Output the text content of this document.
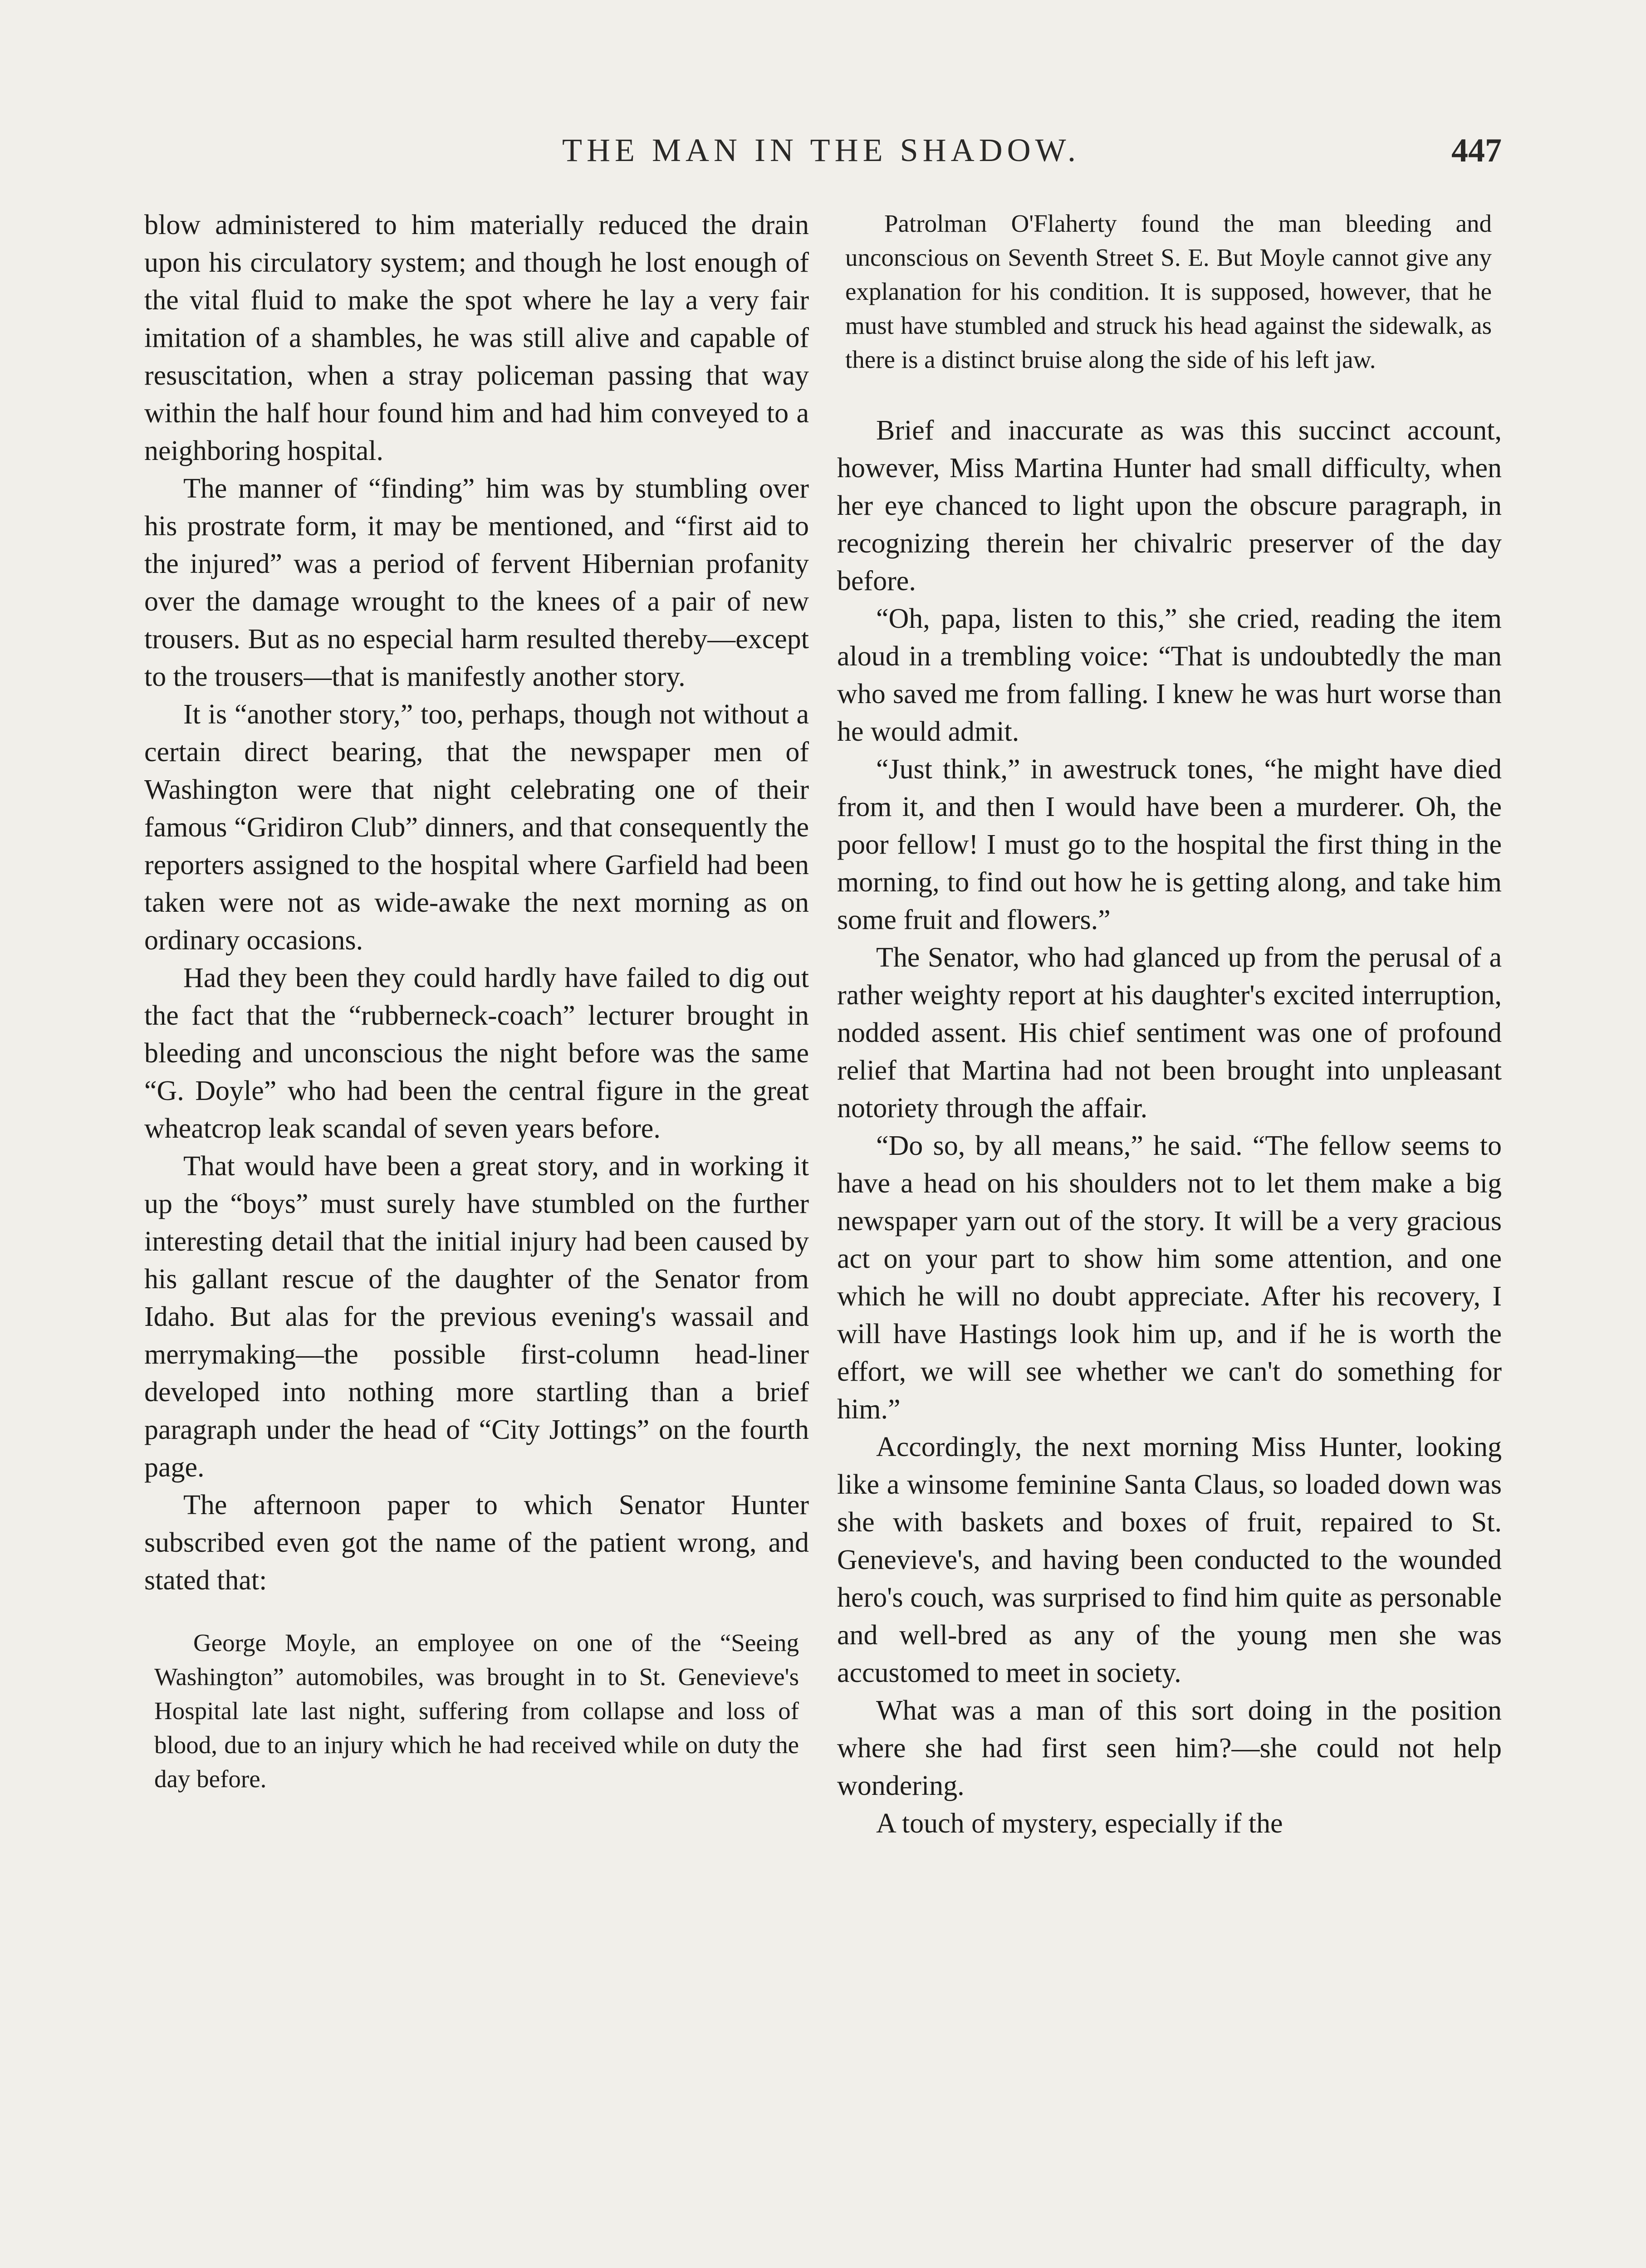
THE MAN IN THE SHADOW.	447

blow administered to him materially reduced the drain upon his circulatory system; and though he lost enough of the vital fluid to make the spot where he lay a very fair imitation of a shambles, he was still alive and capable of resuscitation, when a stray policeman passing that way within the half hour found him and had him conveyed to a neighboring hospital.

The manner of “finding” him was by stumbling over his prostrate form, it may be mentioned, and “first aid to the injured” was a period of fervent Hibernian profanity over the damage wrought to the knees of a pair of new trousers. But as no especial harm resulted thereby—except to the trousers—that is manifestly another story.

It is “another story,” too, perhaps, though not without a certain direct bearing, that the newspaper men of Washington were that night celebrating one of their famous “Gridiron Club” dinners, and that consequently the reporters assigned to the hospital where Garfield had been taken were not as wide-awake the next morning as on ordinary occasions.

Had they been they could hardly have failed to dig out the fact that the “rubberneck-coach” lecturer brought in bleeding and unconscious the night before was the same “G. Doyle” who had been the central figure in the great wheatcrop leak scandal of seven years before.

That would have been a great story, and in working it up the “boys” must surely have stumbled on the further interesting detail that the initial injury had been caused by his gallant rescue of the daughter of the Senator from Idaho. But alas for the previous evening's wassail and merrymaking—the possible first-column head-liner developed into nothing more startling than a brief paragraph under the head of “City Jottings” on the fourth page.

The afternoon paper to which Senator Hunter subscribed even got the name of the patient wrong, and stated that:

George Moyle, an employee on one of the “Seeing Washington” automobiles, was brought in to St. Genevieve's Hospital late last night, suffering from collapse and loss of blood, due to an injury which he had received while on duty the day before.

Patrolman O'Flaherty found the man bleeding and unconscious on Seventh Street S. E. But Moyle cannot give any explanation for his condition. It is supposed, however, that he must have stumbled and struck his head against the sidewalk, as there is a distinct bruise along the side of his left jaw.

Brief and inaccurate as was this succinct account, however, Miss Martina Hunter had small difficulty, when her eye chanced to light upon the obscure paragraph, in recognizing therein her chivalric preserver of the day before.

“Oh, papa, listen to this,” she cried, reading the item aloud in a trembling voice: “That is undoubtedly the man who saved me from falling. I knew he was hurt worse than he would admit.

“Just think,” in awestruck tones, “he might have died from it, and then I would have been a murderer. Oh, the poor fellow! I must go to the hospital the first thing in the morning, to find out how he is getting along, and take him some fruit and flowers.”

The Senator, who had glanced up from the perusal of a rather weighty report at his daughter's excited interruption, nodded assent. His chief sentiment was one of profound relief that Martina had not been brought into unpleasant notoriety through the affair.

“Do so, by all means,” he said. “The fellow seems to have a head on his shoulders not to let them make a big newspaper yarn out of the story. It will be a very gracious act on your part to show him some attention, and one which he will no doubt appreciate. After his recovery, I will have Hastings look him up, and if he is worth the effort, we will see whether we can't do something for him.”

Accordingly, the next morning Miss Hunter, looking like a winsome feminine Santa Claus, so loaded down was she with baskets and boxes of fruit, repaired to St. Genevieve's, and having been conducted to the wounded hero's couch, was surprised to find him quite as personable and well-bred as any of the young men she was accustomed to meet in society.

What was a man of this sort doing in the position where she had first seen him?—she could not help wondering.

A touch of mystery, especially if the
